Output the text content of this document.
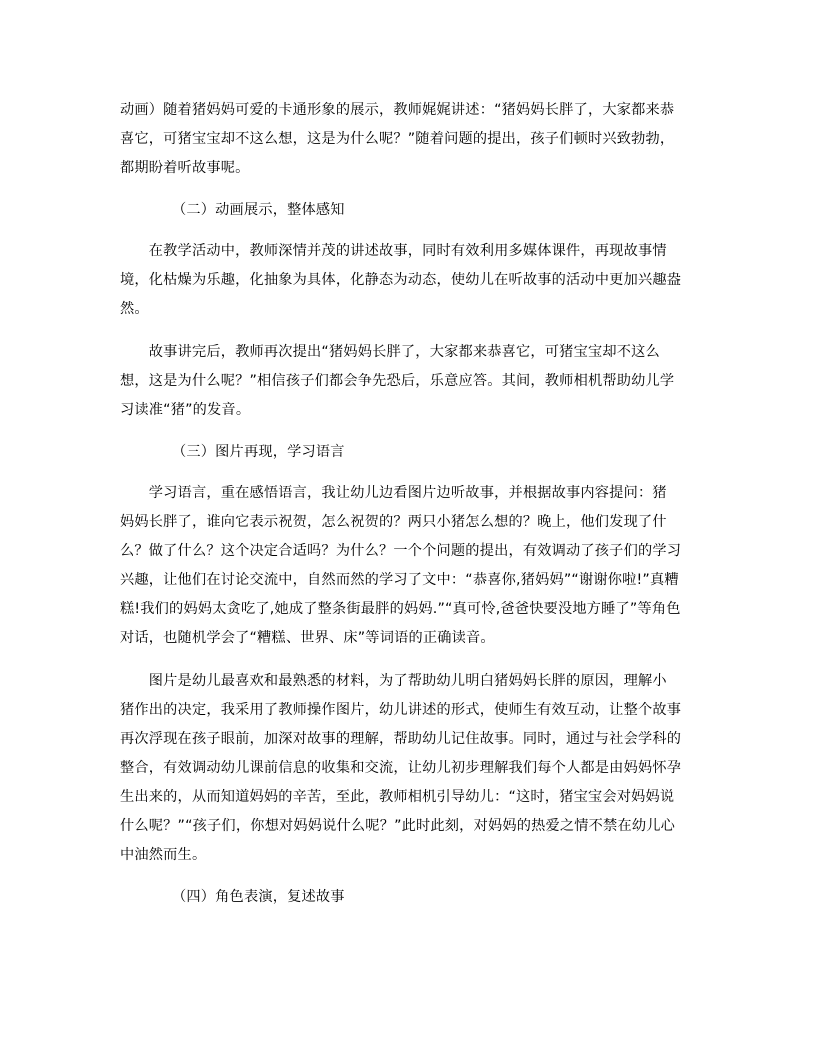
动画）随着猪妈妈可爱的卡通形象的展示，教师娓娓讲述：“猪妈妈长胖了，大家都来恭
喜它，可猪宝宝却不这么想，这是为什么呢？”随着问题的提出，孩子们顿时兴致勃勃，
都期盼着听故事呢。
（二）动画展示，整体感知
　　在教学活动中，教师深情并茂的讲述故事，同时有效利用多媒体课件，再现故事情
境，化枯燥为乐趣，化抽象为具体，化静态为动态，使幼儿在听故事的活动中更加兴趣盎
然。
　　故事讲完后，教师再次提出“猪妈妈长胖了，大家都来恭喜它，可猪宝宝却不这么
想，这是为什么呢？”相信孩子们都会争先恐后，乐意应答。其间，教师相机帮助幼儿学
习读准“猪”的发音。
（三）图片再现，学习语言
　　学习语言，重在感悟语言，我让幼儿边看图片边听故事，并根据故事内容提问：猪
妈妈长胖了，谁向它表示祝贺，怎么祝贺的？两只小猪怎么想的？晚上，他们发现了什
么？做了什么？这个决定合适吗？为什么？一个个问题的提出，有效调动了孩子们的学习
兴趣，让他们在讨论交流中，自然而然的学习了文中：“恭喜你,猪妈妈”“谢谢你啦!”真糟
糕!我们的妈妈太贪吃了,她成了整条街最胖的妈妈.”“真可怜,爸爸快要没地方睡了”等角色
对话，也随机学会了“糟糕、世界、床”等词语的正确读音。
　　图片是幼儿最喜欢和最熟悉的材料，为了帮助幼儿明白猪妈妈长胖的原因，理解小
猪作出的决定，我采用了教师操作图片，幼儿讲述的形式，使师生有效互动，让整个故事
再次浮现在孩子眼前，加深对故事的理解，帮助幼儿记住故事。同时，通过与社会学科的
整合，有效调动幼儿课前信息的收集和交流，让幼儿初步理解我们每个人都是由妈妈怀孕
生出来的，从而知道妈妈的辛苦，至此，教师相机引导幼儿：“这时，猪宝宝会对妈妈说
什么呢？”“孩子们，你想对妈妈说什么呢？”此时此刻，对妈妈的热爱之情不禁在幼儿心
中油然而生。
（四）角色表演，复述故事
